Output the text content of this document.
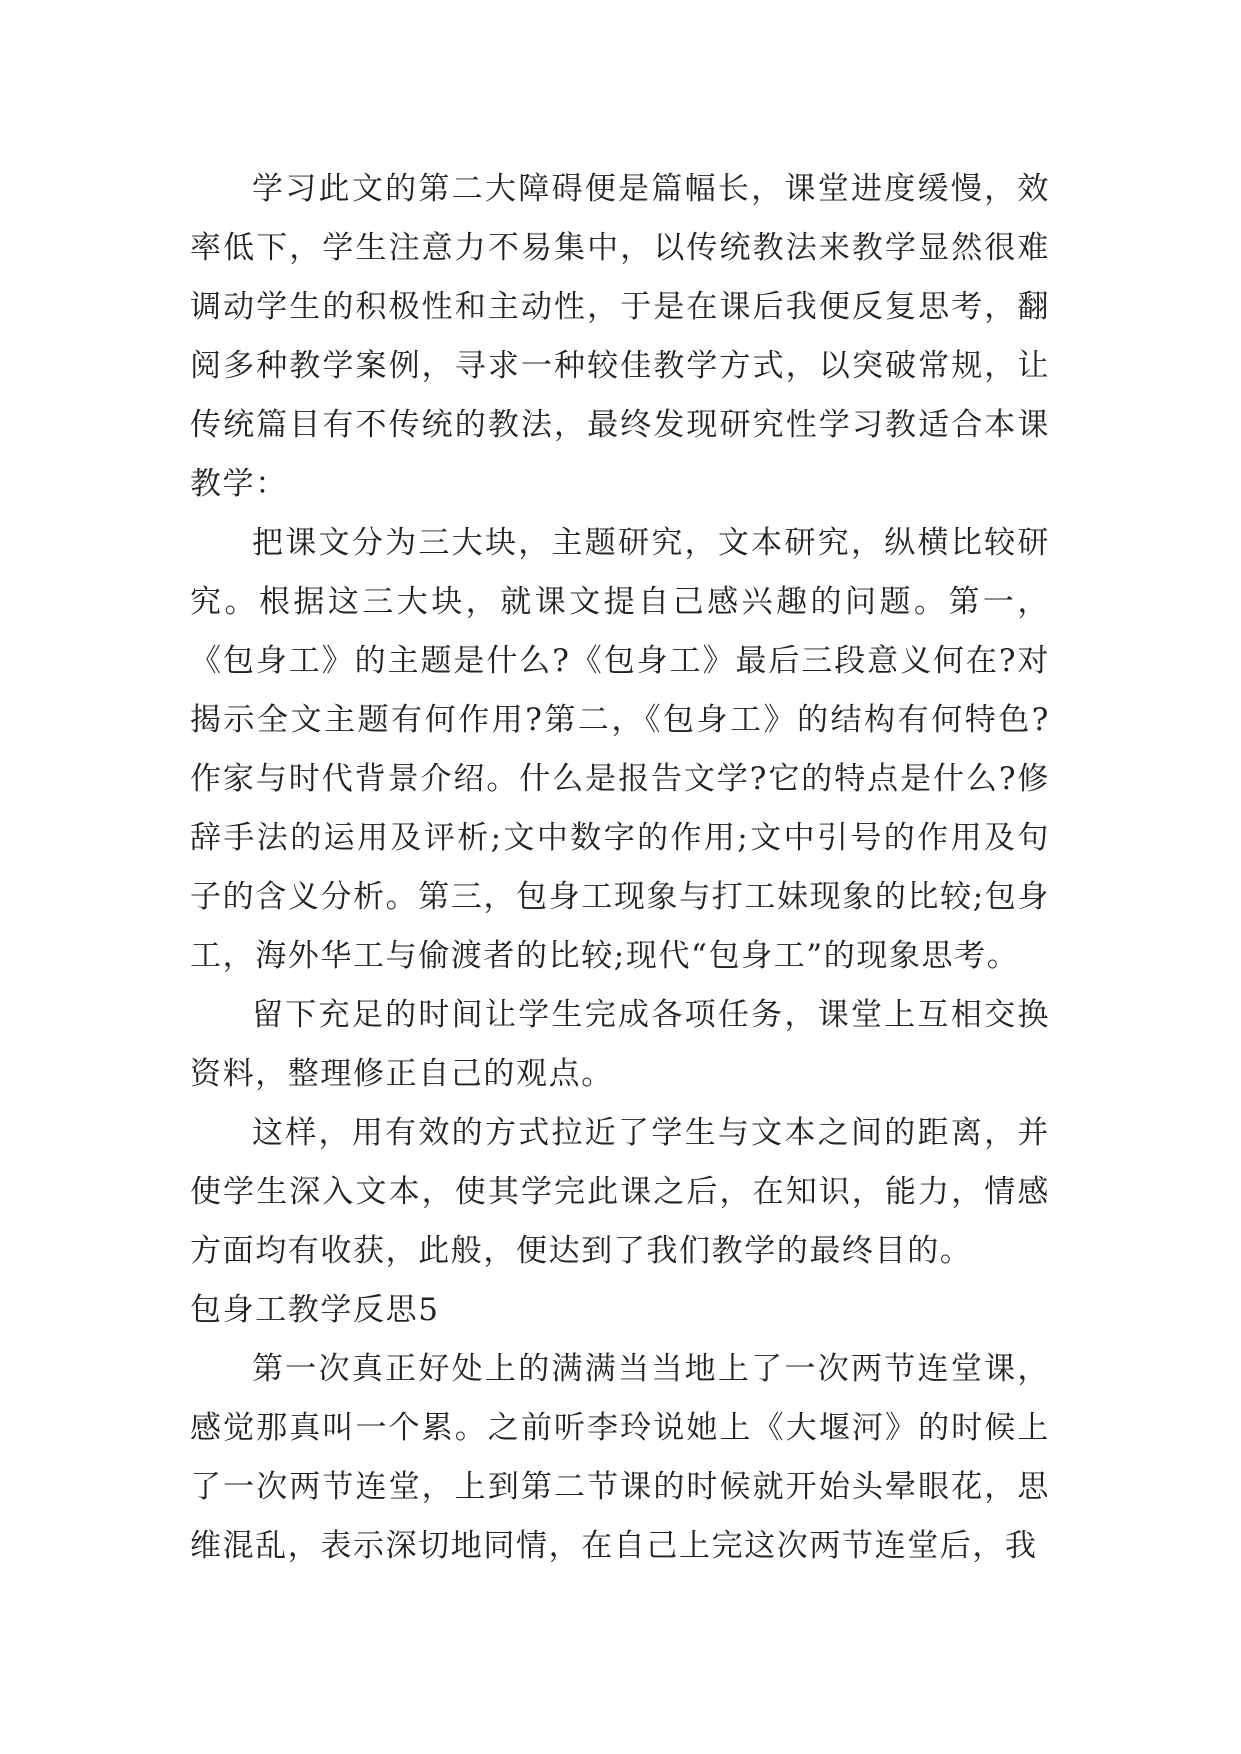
学习此文的第二大障碍便是篇幅长，课堂进度缓慢，效率低下，学生注意力不易集中，以传统教法来教学显然很难调动学生的积极性和主动性，于是在课后我便反复思考，翻阅多种教学案例，寻求一种较佳教学方式，以突破常规，让传统篇目有不传统的教法，最终发现研究性学习教适合本课教学：

把课文分为三大块，主题研究，文本研究，纵横比较研究。根据这三大块，就课文提自己感兴趣的问题。第一，《包身工》的主题是什么?《包身工》最后三段意义何在?对揭示全文主题有何作用?第二，《包身工》的结构有何特色?作家与时代背景介绍。什么是报告文学?它的特点是什么?修辞手法的运用及评析;文中数字的作用;文中引号的作用及句子的含义分析。第三，包身工现象与打工妹现象的比较;包身工，海外华工与偷渡者的比较;现代“包身工”的现象思考。

留下充足的时间让学生完成各项任务，课堂上互相交换资料，整理修正自己的观点。

这样，用有效的方式拉近了学生与文本之间的距离，并使学生深入文本，使其学完此课之后，在知识，能力，情感方面均有收获，此般，便达到了我们教学的最终目的。

包身工教学反思5

第一次真正好处上的满满当当地上了一次两节连堂课，感觉那真叫一个累。之前听李玲说她上《大堰河》的时候上了一次两节连堂，上到第二节课的时候就开始头晕眼花，思维混乱，表示深切地同情，在自己上完这次两节连堂后，我
